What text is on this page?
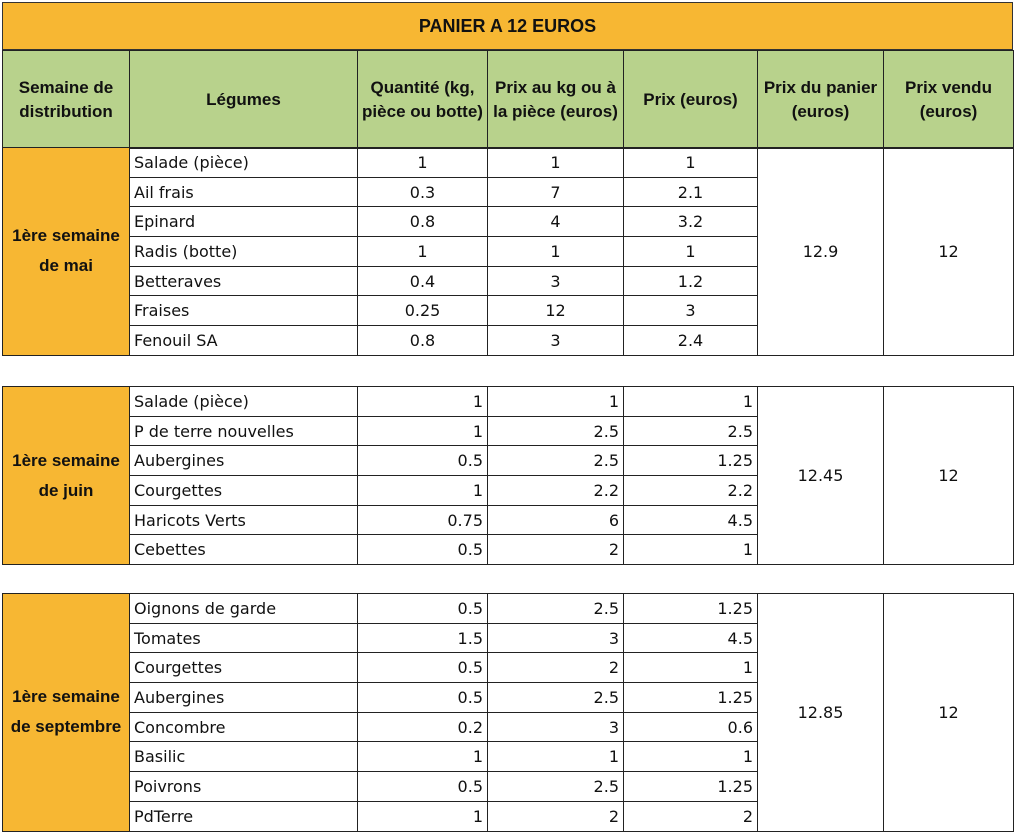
PANIER A 12 EUROS
Semaine de distribution	Légumes	Quantité (kg, pièce ou botte)	Prix au kg ou à la pièce (euros)	Prix (euros)	Prix du panier (euros)	Prix vendu (euros)
1ère semaine de mai	Salade (pièce)	1	1	1	12.9	12
	Ail frais	0.3	7	2.1		
	Epinard	0.8	4	3.2		
	Radis (botte)	1	1	1		
	Betteraves	0.4	3	1.2		
	Fraises	0.25	12	3		
	Fenouil SA	0.8	3	2.4		
1ère semaine de juin	Salade (pièce)	1	1	1	12.45	12
	P de terre nouvelles	1	2.5	2.5		
	Aubergines	0.5	2.5	1.25		
	Courgettes	1	2.2	2.2		
	Haricots Verts	0.75	6	4.5		
	Cebettes	0.5	2	1		
1ère semaine de septembre	Oignons de garde	0.5	2.5	1.25	12.85	12
	Tomates	1.5	3	4.5		
	Courgettes	0.5	2	1		
	Aubergines	0.5	2.5	1.25		
	Concombre	0.2	3	0.6		
	Basilic	1	1	1		
	Poivrons	0.5	2.5	1.25		
	PdTerre	1	2	2		
